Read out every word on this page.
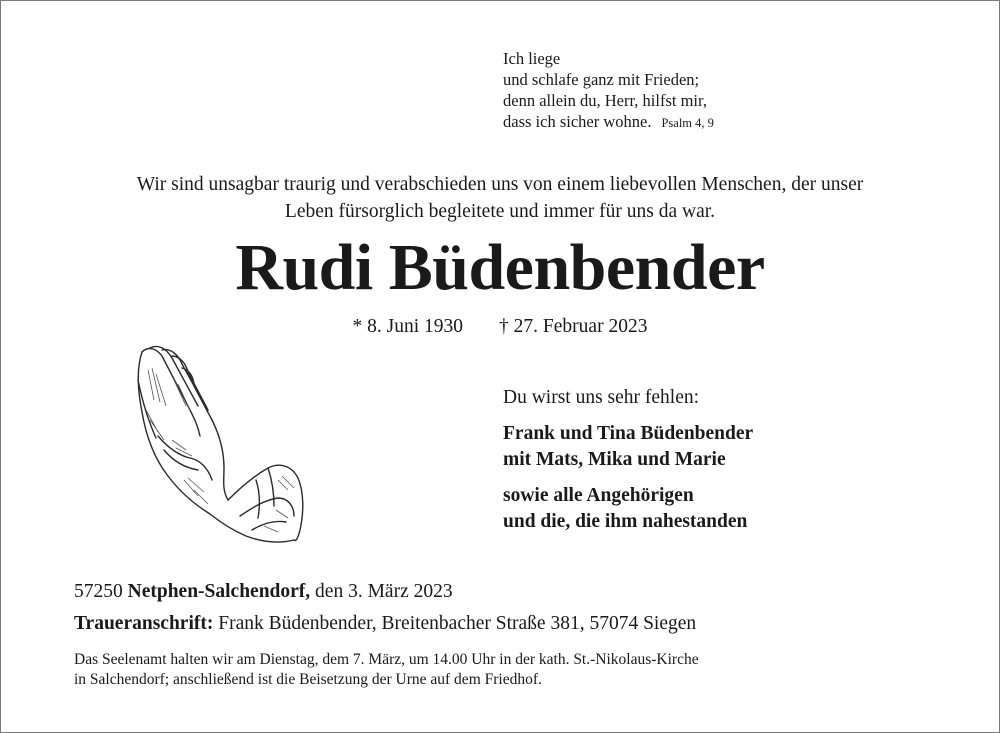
Ich liege
und schlafe ganz mit Frieden;
denn allein du, Herr, hilfst mir,
dass ich sicher wohne. Psalm 4, 9
Wir sind unsagbar traurig und verabschieden uns von einem liebevollen Menschen, der unser
Leben fürsorglich begleitete und immer für uns da war.
Rudi Büdenbender
* 8. Juni 1930 † 27. Februar 2023
Du wirst uns sehr fehlen:
Frank und Tina Büdenbender
mit Mats, Mika und Marie
sowie alle Angehörigen
und die, die ihm nahestanden
57250 Netphen-Salchendorf, den 3. März 2023
Traueranschrift: Frank Büdenbender, Breitenbacher Straße 381, 57074 Siegen
Das Seelenamt halten wir am Dienstag, dem 7. März, um 14.00 Uhr in der kath. St.-Nikolaus-Kirche
in Salchendorf; anschließend ist die Beisetzung der Urne auf dem Friedhof.
